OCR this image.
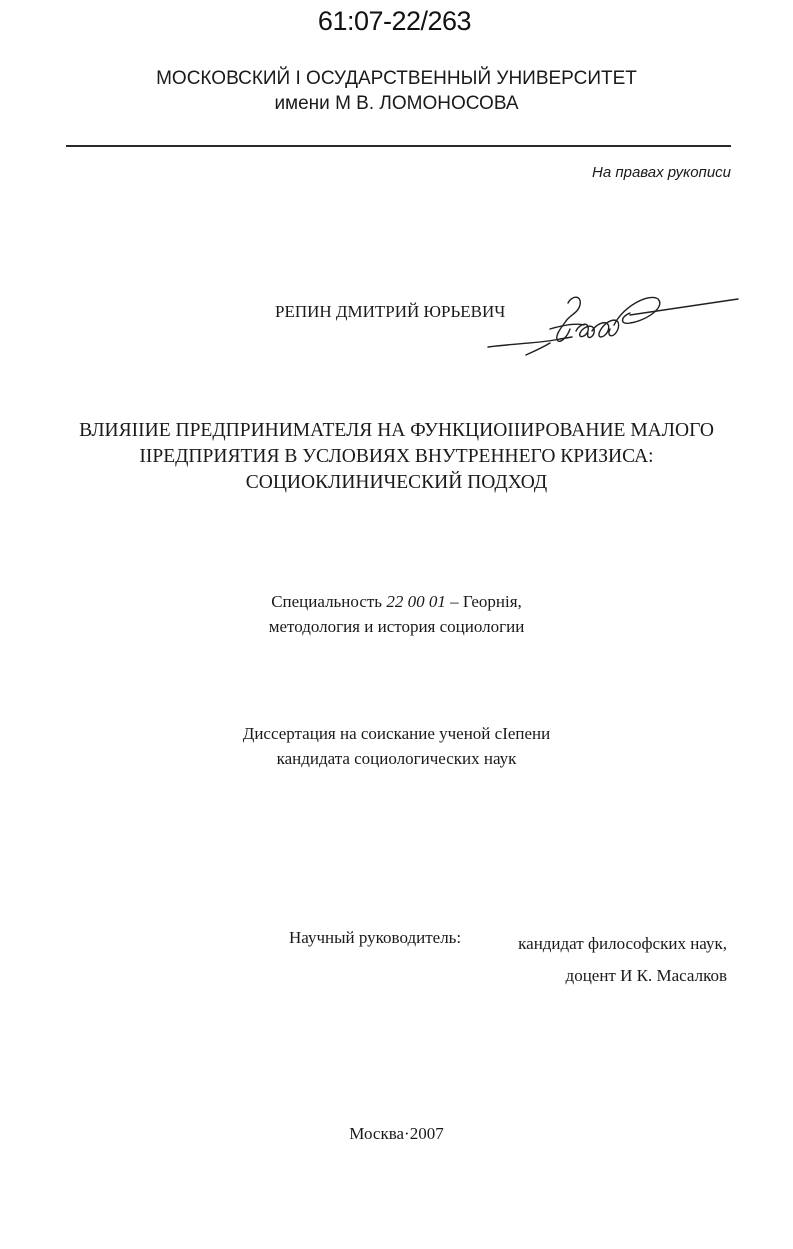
61:07-22/263
МОСКОВСКИЙ I ОСУДАРСТВЕННЫЙ УНИВЕРСИТЕТ
имени М В. ЛОМОНОСОВА
На правах рукописи
РЕПИН ДМИТРИЙ ЮРЬЕВИЧ
ВЛИЯIIИЕ ПРЕДПРИНИМАТЕЛЯ НА ФУНКЦИОIIИРОВАНИЕ МАЛОГО
IIРЕДПРИЯТИЯ В УСЛОВИЯХ ВНУТРЕННЕГО КРИЗИСА:
СОЦИОКЛИНИЧЕСКИЙ ПОДХОД
Специальность 22 00 01 – Георнія,
методология и история социологии
Диссертация на соискание ученой сIепени
кандидата социологических наук
Научный руководитель:	кандидат философских наук,
доцент И К. Масалков
Москва·2007
